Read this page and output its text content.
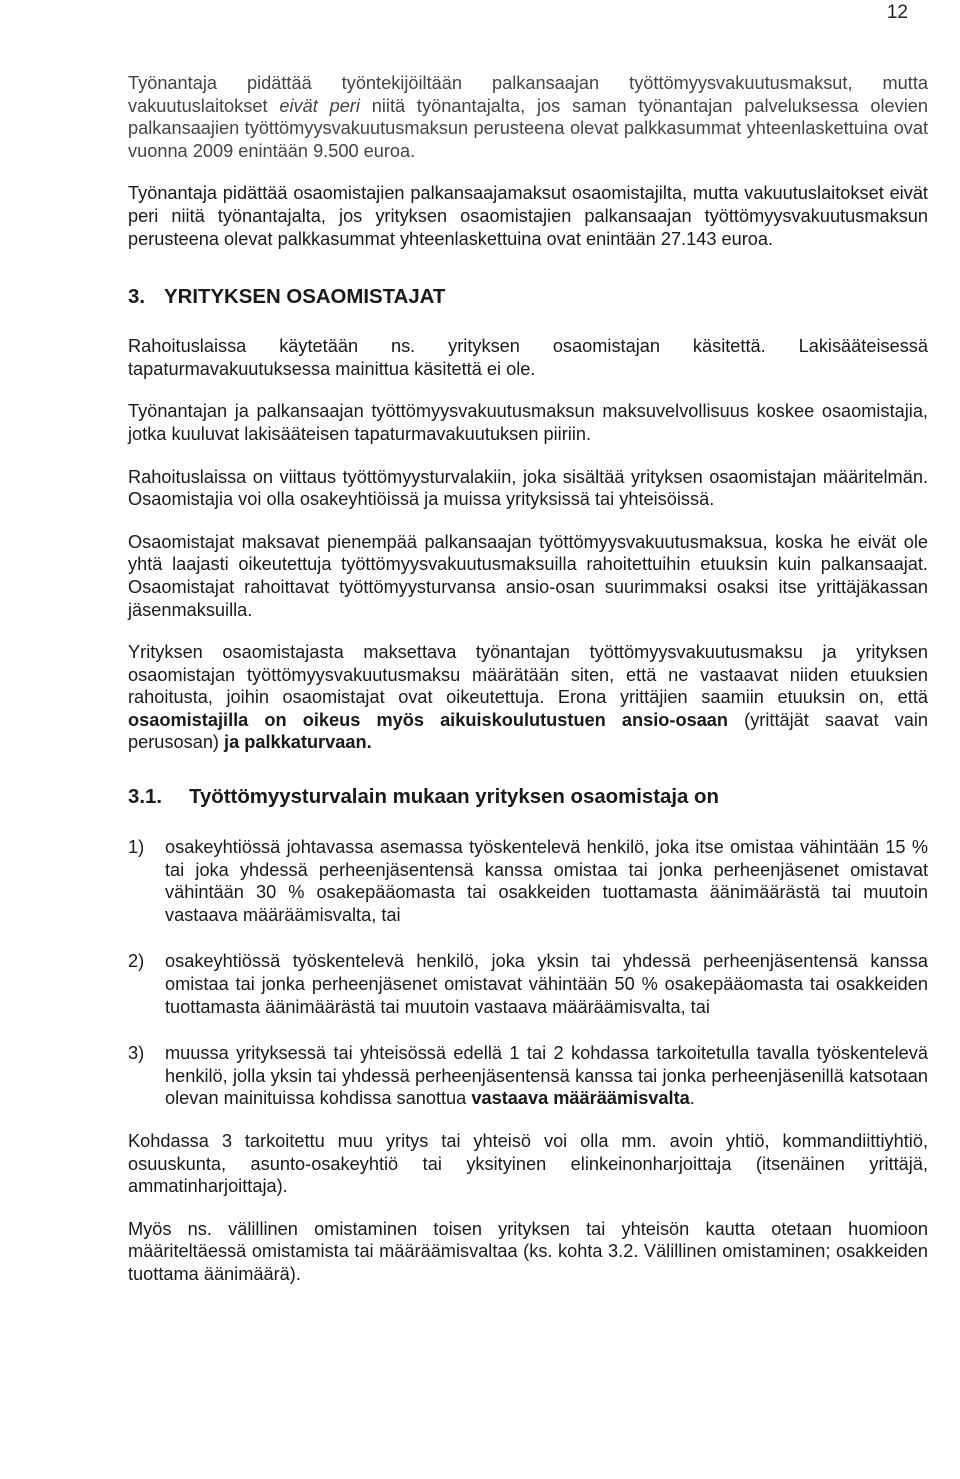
12

Työnantaja pidättää työntekijöiltään palkansaajan työttömyysvakuutusmaksut, mutta vakuutuslaitokset eivät peri niitä työnantajalta, jos saman työnantajan palveluksessa olevien palkansaajien työttömyysvakuutusmaksun perusteena olevat palkkasummat yhteenlaskettuina ovat vuonna 2009 enintään 9.500 euroa.

Työnantaja pidättää osaomistajien palkansaajamaksut osaomistajilta, mutta vakuutuslaitokset eivät peri niitä työnantajalta, jos yrityksen osaomistajien palkansaajan työttömyysvakuutusmaksun perusteena olevat palkkasummat yhteenlaskettuina ovat enintään 27.143 euroa.

3. YRITYKSEN OSAOMISTAJAT

Rahoituslaissa käytetään ns. yrityksen osaomistajan käsitettä. Lakisääteisessä tapaturmavakuutuksessa mainittua käsitettä ei ole.

Työnantajan ja palkansaajan työttömyysvakuutusmaksun maksuvelvollisuus koskee osaomistajia, jotka kuuluvat lakisääteisen tapaturmavakuutuksen piiriin.

Rahoituslaissa on viittaus työttömyysturvalakiin, joka sisältää yrityksen osaomistajan määritelmän. Osaomistajia voi olla osakeyhtiöissä ja muissa yrityksissä tai yhteisöissä.

Osaomistajat maksavat pienempää palkansaajan työttömyysvakuutusmaksua, koska he eivät ole yhtä laajasti oikeutettuja työttömyysvakuutusmaksuilla rahoitettuihin etuuksin kuin palkansaajat. Osaomistajat rahoittavat työttömyysturvansa ansio-osan suurimmaksi osaksi itse yrittäjäkassan jäsenmaksuilla.

Yrityksen osaomistajasta maksettava työnantajan työttömyysvakuutusmaksu ja yrityksen osaomistajan työttömyysvakuutusmaksu määrätään siten, että ne vastaavat niiden etuuksien rahoitusta, joihin osaomistajat ovat oikeutettuja. Erona yrittäjien saamiin etuuksin on, että osaomistajilla on oikeus myös aikuiskoulutustuen ansio-osaan (yrittäjät saavat vain perusosan) ja palkkaturvaan.

3.1. Työttömyysturvalain mukaan yrityksen osaomistaja on
1) osakeyhtiössä johtavassa asemassa työskentelevä henkilö, joka itse omistaa vähintään 15 % tai joka yhdessä perheenjäsentensä kanssa omistaa tai jonka perheenjäsenet omistavat vähintään 30 % osakepääomasta tai osakkeiden tuottamasta äänimäärästä tai muutoin vastaava määräämisvalta, tai
2) osakeyhtiössä työskentelevä henkilö, joka yksin tai yhdessä perheenjäsentensä kanssa omistaa tai jonka perheenjäsenet omistavat vähintään 50 % osakepääomasta tai osakkeiden tuottamasta äänimäärästä tai muutoin vastaava määräämisvalta, tai
3) muussa yrityksessä tai yhteisössä edellä 1 tai 2 kohdassa tarkoitetulla tavalla työskentelevä henkilö, jolla yksin tai yhdessä perheenjäsentensä kanssa tai jonka perheenjäsenillä katsotaan olevan mainituissa kohdissa sanottua vastaava määräämisvalta.

Kohdassa 3 tarkoitettu muu yritys tai yhteisö voi olla mm. avoin yhtiö, kommandiittiyhtiö, osuuskunta, asunto-osakeyhtiö tai yksityinen elinkeinonharjoittaja (itsenäinen yrittäjä, ammatinharjoittaja).

Myös ns. välillinen omistaminen toisen yrityksen tai yhteisön kautta otetaan huomioon määriteltäessä omistamista tai määräämisvaltaa (ks. kohta 3.2. Välillinen omistaminen; osakkeiden tuottama äänimäärä).
